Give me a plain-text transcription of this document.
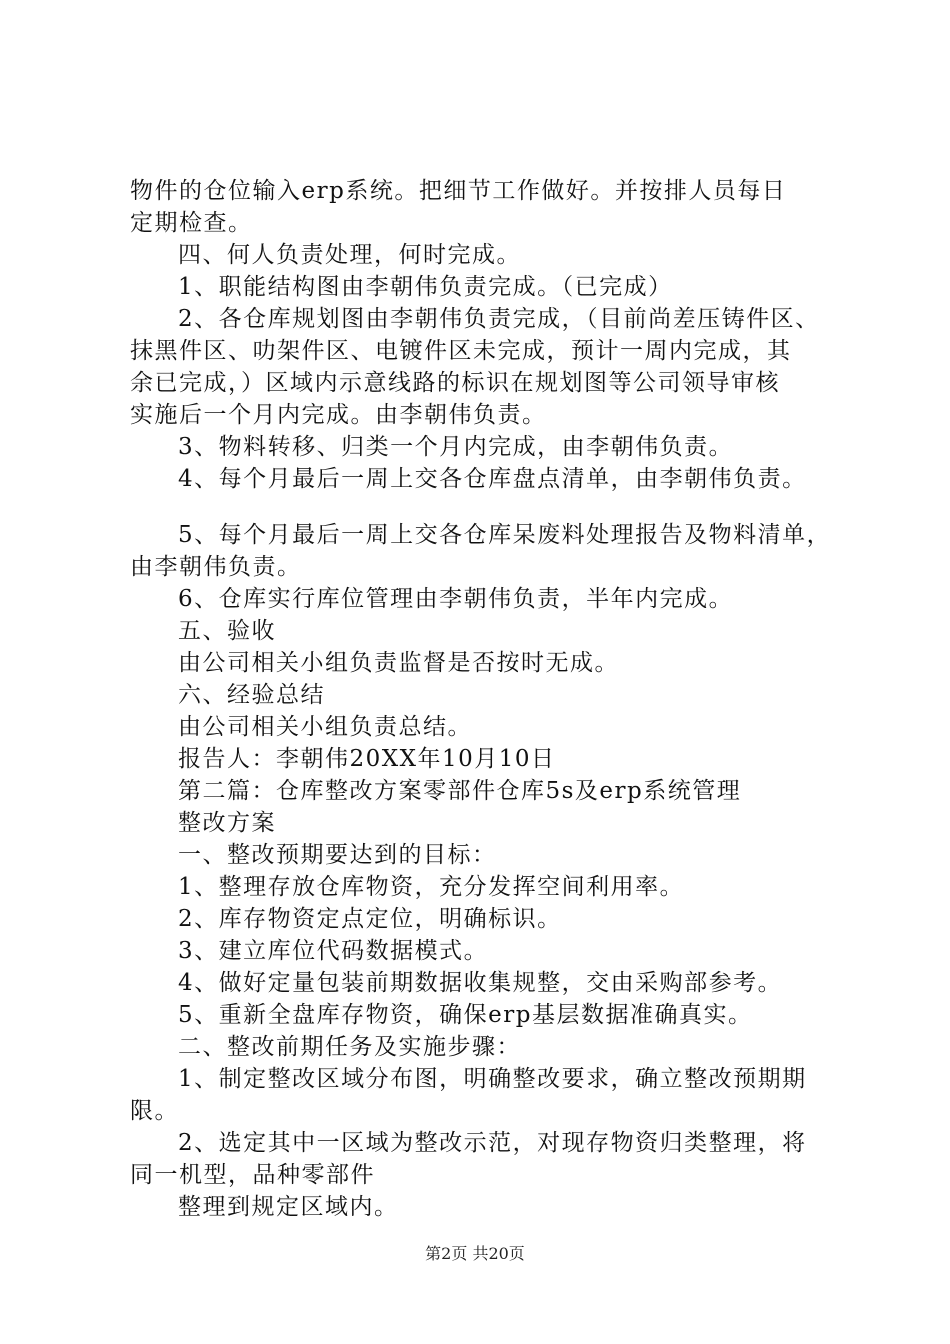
物件的仓位输入erp系统。把细节工作做好。并按排人员每日

定期检查。

四、何人负责处理，何时完成。

1、职能结构图由李朝伟负责完成。（已完成）

2、各仓库规划图由李朝伟负责完成，（目前尚差压铸件区、

抹黑件区、叻架件区、电镀件区未完成，预计一周内完成，其

余已完成，）区域内示意线路的标识在规划图等公司领导审核

实施后一个月内完成。由李朝伟负责。

3、物料转移、归类一个月内完成，由李朝伟负责。

4、每个月最后一周上交各仓库盘点清单，由李朝伟负责。

5、每个月最后一周上交各仓库呆废料处理报告及物料清单，

由李朝伟负责。

6、仓库实行库位管理由李朝伟负责，半年内完成。

五、验收

由公司相关小组负责监督是否按时无成。

六、经验总结

由公司相关小组负责总结。

报告人：李朝伟20XX年10月10日

第二篇：仓库整改方案零部件仓库5s及erp系统管理

整改方案

一、整改预期要达到的目标：

1、整理存放仓库物资，充分发挥空间利用率。

2、库存物资定点定位，明确标识。

3、建立库位代码数据模式。

4、做好定量包装前期数据收集规整，交由采购部参考。

5、重新全盘库存物资，确保erp基层数据准确真实。

二、整改前期任务及实施步骤：

1、制定整改区域分布图，明确整改要求，确立整改预期期

限。

2、选定其中一区域为整改示范，对现存物资归类整理，将

同一机型，品种零部件

整理到规定区域内。

第2页 共20页
